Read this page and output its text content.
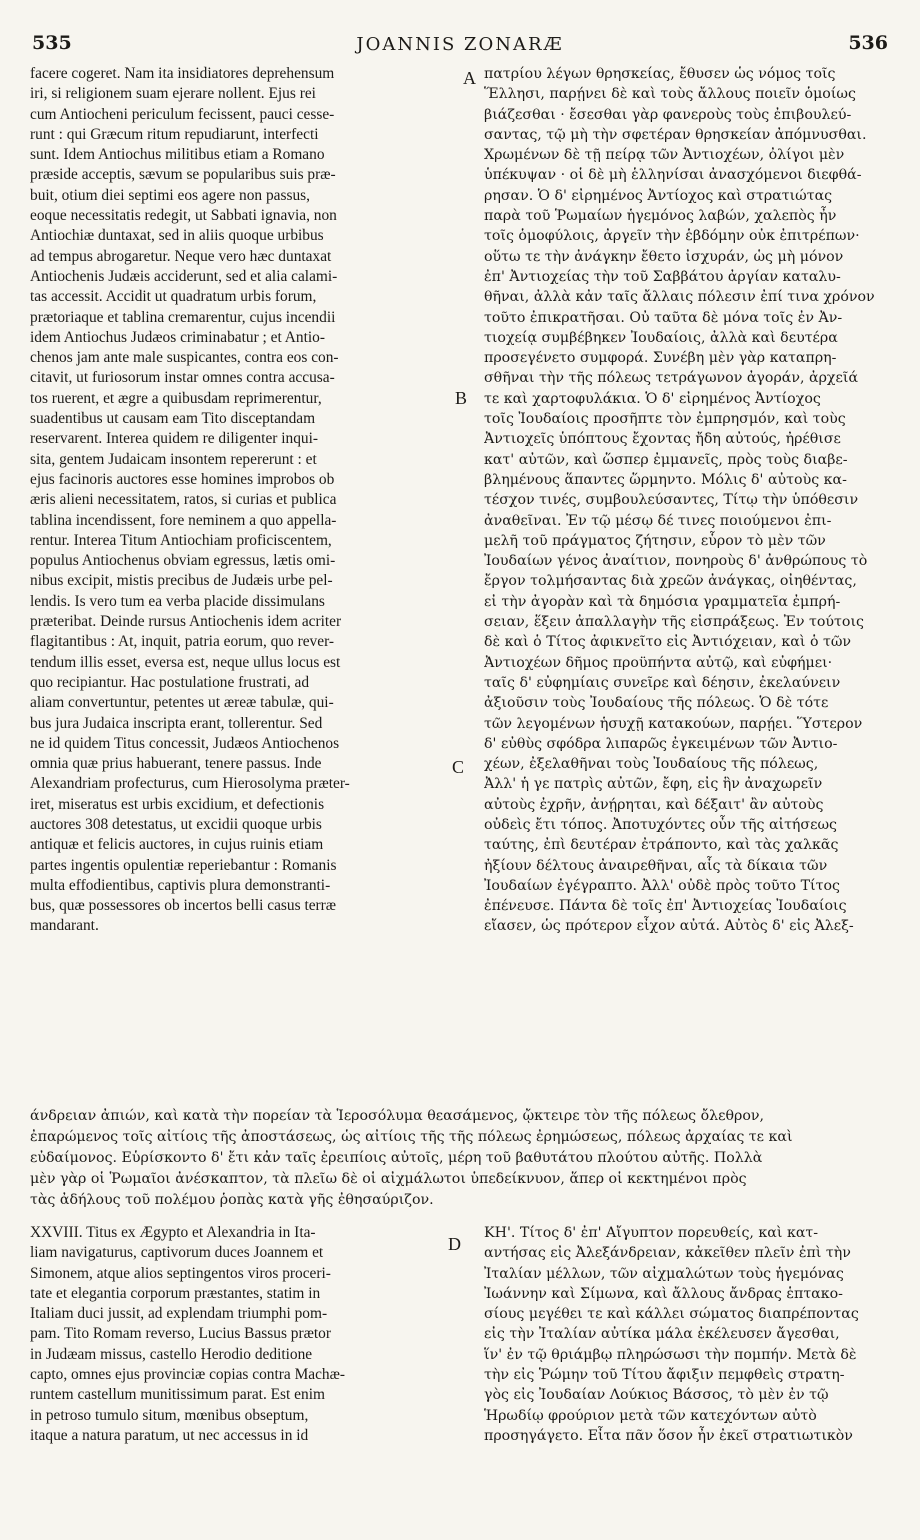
535	JOANNIS ZONARÆ	536
A
B
C
D
facere cogeret. Nam ita insidiatores deprehensum
iri, si religionem suam ejerare nollent. Ejus rei
cum Antiocheni periculum fecissent, pauci cesse-
runt : qui Græcum ritum repudiarunt, interfecti
sunt. Idem Antiochus militibus etiam a Romano
præside acceptis, sævum se popularibus suis præ-
buit, otium diei septimi eos agere non passus,
eoque necessitatis redegit, ut Sabbati ignavia, non
Antiochiæ duntaxat, sed in aliis quoque urbibus
ad tempus abrogaretur. Neque vero hæc duntaxat
Antiochenis Judæis acciderunt, sed et alia calami-
tas accessit. Accidit ut quadratum urbis forum,
prætoriaque et tablina cremarentur, cujus incendii
idem Antiochus Judæos criminabatur ; et Antio-
chenos jam ante male suspicantes, contra eos con-
citavit, ut furiosorum instar omnes contra accusa-
tos ruerent, et ægre a quibusdam reprimerentur,
suadentibus ut causam eam Tito disceptandam
reservarent. Interea quidem re diligenter inqui-
sita, gentem Judaicam insontem repererunt : et
ejus facinoris auctores esse homines improbos ob
æris alieni necessitatem, ratos, si curias et publica
tablina incendissent, fore neminem a quo appella-
rentur. Interea Titum Antiochiam proficiscentem,
populus Antiochenus obviam egressus, lætis omi-
nibus excipit, mistis precibus de Judæis urbe pel-
lendis. Is vero tum ea verba placide dissimulans
præteribat. Deinde rursus Antiochenis idem acriter
flagitantibus : At, inquit, patria eorum, quo rever-
tendum illis esset, eversa est, neque ullus locus est
quo recipiantur. Hac postulatione frustrati, ad
aliam convertuntur, petentes ut æreæ tabulæ, qui-
bus jura Judaica inscripta erant, tollerentur. Sed
ne id quidem Titus concessit, Judæos Antiochenos
omnia quæ prius habuerant, tenere passus. Inde
Alexandriam profecturus, cum Hierosolyma præter-
iret, miseratus est urbis excidium, et defectionis
auctores 308 detestatus, ut excidii quoque urbis
antiquæ et felicis auctores, in cujus ruinis etiam
partes ingentis opulentiæ reperiebantur : Romanis
multa effodientibus, captivis plura demonstranti-
bus, quæ possessores ob incertos belli casus terræ
mandarant.
πατρίου λέγων θρησκείας, ἔθυσεν ὡς νόμος τοῖς
Ἕλλησι, παρῄνει δὲ καὶ τοὺς ἄλλους ποιεῖν ὁμοίως
βιάζεσθαι · ἔσεσθαι γὰρ φανεροὺς τοὺς ἐπιβουλεύ-
σαντας, τῷ μὴ τὴν σφετέραν θρησκείαν ἀπόμνυσθαι.
Χρωμένων δὲ τῇ πείρᾳ τῶν Ἀντιοχέων, ὀλίγοι μὲν
ὑπέκυψαν · οἱ δὲ μὴ ἑλληνίσαι ἀνασχόμενοι διεφθά-
ρησαν. Ὁ δ' εἰρημένος Ἀντίοχος καὶ στρατιώτας
παρὰ τοῦ Ῥωμαίων ἡγεμόνος λαβών, χαλεπὸς ἦν
τοῖς ὁμοφύλοις, ἀργεῖν τὴν ἑβδόμην οὐκ ἐπιτρέπων·
οὕτω τε τὴν ἀνάγκην ἔθετο ἰσχυράν, ὡς μὴ μόνον
ἐπ' Ἀντιοχείας τὴν τοῦ Σαββάτου ἀργίαν καταλυ-
θῆναι, ἀλλὰ κἀν ταῖς ἄλλαις πόλεσιν ἐπί τινα χρόνον
τοῦτο ἐπικρατῆσαι. Οὐ ταῦτα δὲ μόνα τοῖς ἐν Ἀν-
τιοχείᾳ συμβέβηκεν Ἰουδαίοις, ἀλλὰ καὶ δευτέρα
προσεγένετο συμφορά. Συνέβη μὲν γὰρ καταπρη-
σθῆναι τὴν τῆς πόλεως τετράγωνον ἀγοράν, ἀρχεῖά
τε καὶ χαρτοφυλάκια. Ὁ δ' εἰρημένος Ἀντίοχος
τοῖς Ἰουδαίοις προσῆπτε τὸν ἐμπρησμόν, καὶ τοὺς
Ἀντιοχεῖς ὑπόπτους ἔχοντας ἤδη αὐτούς, ἠρέθισε
κατ' αὐτῶν, καὶ ὥσπερ ἐμμανεῖς, πρὸς τοὺς διαβε-
βλημένους ἅπαντες ὥρμηντο. Μόλις δ' αὐτοὺς κα-
τέσχον τινές, συμβουλεύσαντες, Τίτῳ τὴν ὑπόθεσιν
ἀναθεῖναι. Ἐν τῷ μέσῳ δέ τινες ποιούμενοι ἐπι-
μελῆ τοῦ πράγματος ζήτησιν, εὗρον τὸ μὲν τῶν
Ἰουδαίων γένος ἀναίτιον, πονηροὺς δ' ἀνθρώπους τὸ
ἔργον τολμήσαντας διὰ χρεῶν ἀνάγκας, οἰηθέντας,
εἰ τὴν ἀγορὰν καὶ τὰ δημόσια γραμματεῖα ἐμπρή-
σειαν, ἕξειν ἀπαλλαγὴν τῆς εἰσπράξεως. Ἐν τούτοις
δὲ καὶ ὁ Τίτος ἀφικνεῖτο εἰς Ἀντιόχειαν, καὶ ὁ τῶν
Ἀντιοχέων δῆμος προϋπήντα αὐτῷ, καὶ εὐφήμει·
ταῖς δ' εὐφημίαις συνεῖρε καὶ δέησιν, ἐκελαύνειν
ἀξιοῦσιν τοὺς Ἰουδαίους τῆς πόλεως. Ὁ δὲ τότε
τῶν λεγομένων ἡσυχῇ κατακούων, παρῄει. Ὕστερον
δ' εὐθὺς σφόδρα λιπαρῶς ἐγκειμένων τῶν Ἀντιο-
χέων, ἐξελαθῆναι τοὺς Ἰουδαίους τῆς πόλεως,
Ἀλλ' ἡ γε πατρὶς αὐτῶν, ἔφη, εἰς ἣν ἀναχωρεῖν
αὐτοὺς ἐχρῆν, ἀνῄρηται, καὶ δέξαιτ' ἂν αὐτοὺς
οὐδεὶς ἔτι τόπος. Ἀποτυχόντες οὖν τῆς αἰτήσεως
ταύτης, ἐπὶ δευτέραν ἐτράποντο, καὶ τὰς χαλκᾶς
ἠξίουν δέλτους ἀναιρεθῆναι, αἷς τὰ δίκαια τῶν
Ἰουδαίων ἐγέγραπτο. Ἀλλ' οὐδὲ πρὸς τοῦτο Τίτος
ἐπένευσε. Πάντα δὲ τοῖς ἐπ' Ἀντιοχείας Ἰουδαίοις
εἴασεν, ὡς πρότερον εἶχον αὐτά. Αὐτὸς δ' εἰς Ἀλεξ-
άνδρειαν ἀπιών, καὶ κατὰ τὴν πορείαν τὰ Ἱεροσόλυμα θεασάμενος, ᾤκτειρε τὸν τῆς πόλεως ὄλεθρον,
ἐπαρώμενος τοῖς αἰτίοις τῆς ἀποστάσεως, ὡς αἰτίοις τῆς τῆς πόλεως ἐρημώσεως, πόλεως ἀρχαίας τε καὶ
εὐδαίμονος. Εὑρίσκοντο δ' ἔτι κἀν ταῖς ἐρειπίοις αὐτοῖς, μέρη τοῦ βαθυτάτου πλούτου αὐτῆς. Πολλὰ
μὲν γὰρ οἱ Ῥωμαῖοι ἀνέσκαπτον, τὰ πλεῖω δὲ οἱ αἰχμάλωτοι ὑπεδείκνυον, ἅπερ οἱ κεκτημένοι πρὸς
τὰς ἀδήλους τοῦ πολέμου ῥοπὰς κατὰ γῆς ἐθησαύριζον.
XXVIII. Titus ex Ægypto et Alexandria in Ita-
liam navigaturus, captivorum duces Joannem et
Simonem, atque alios septingentos viros proceri-
tate et elegantia corporum præstantes, statim in
Italiam duci jussit, ad explendam triumphi pom-
pam. Tito Romam reverso, Lucius Bassus prætor
in Judæam missus, castello Herodio deditione
capto, omnes ejus provinciæ copias contra Machæ-
runtem castellum munitissimum parat. Est enim
in petroso tumulo situm, mœnibus obseptum,
itaque a natura paratum, ut nec accessus in id
ΚΗ'. Τίτος δ' ἐπ' Αἴγυπτον πορευθείς, καὶ κατ-
αντήσας εἰς Ἀλεξάνδρειαν, κἀκεῖθεν πλεῖν ἐπὶ τὴν
Ἰταλίαν μέλλων, τῶν αἰχμαλώτων τοὺς ἡγεμόνας
Ἰωάννην καὶ Σίμωνα, καὶ ἄλλους ἄνδρας ἑπτακο-
σίους μεγέθει τε καὶ κάλλει σώματος διαπρέποντας
εἰς τὴν Ἰταλίαν αὐτίκα μάλα ἐκέλευσεν ἄγεσθαι,
ἵν' ἐν τῷ θριάμβῳ πληρώσωσι τὴν πομπήν. Μετὰ δὲ
τὴν εἰς Ῥώμην τοῦ Τίτου ἄφιξιν πεμφθεὶς στρατη-
γὸς εἰς Ἰουδαίαν Λούκιος Βάσσος, τὸ μὲν ἐν τῷ
Ἡρωδίῳ φρούριον μετὰ τῶν κατεχόντων αὐτὸ
προσηγάγετο. Εἶτα πᾶν ὅσον ἦν ἐκεῖ στρατιωτικὸν
